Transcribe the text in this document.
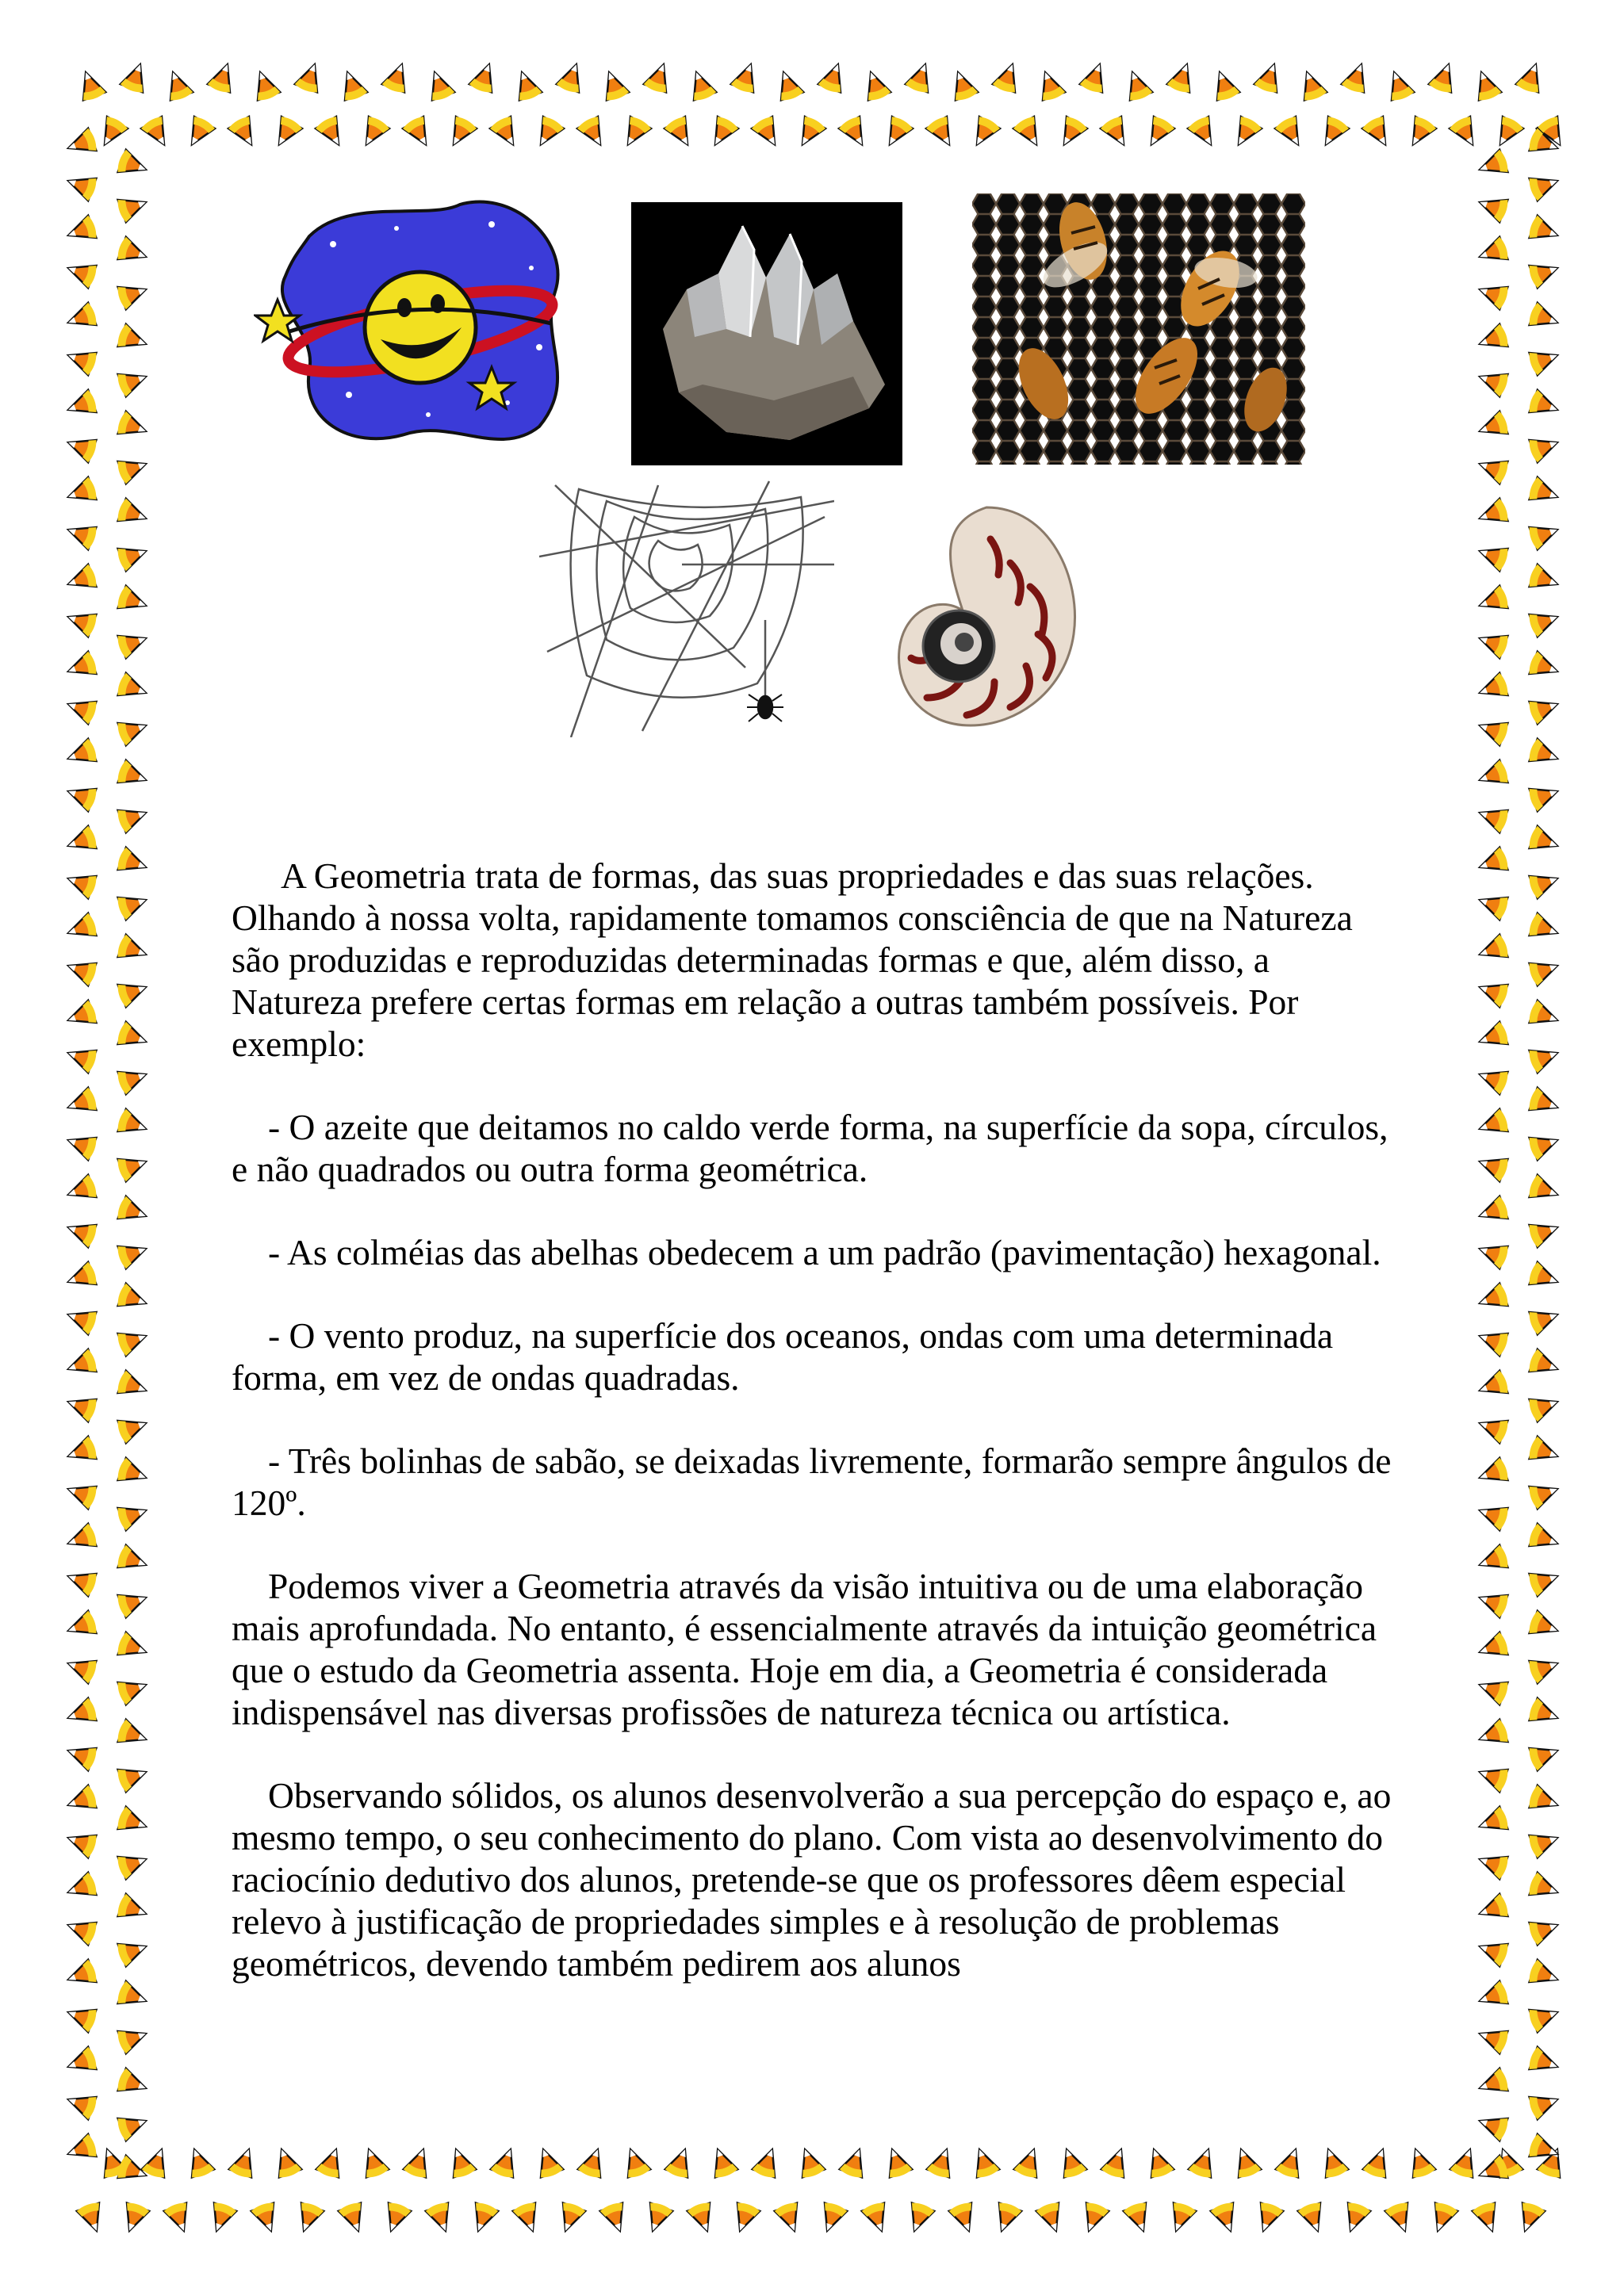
A Geometria trata de formas, das suas propriedades e das suas relações. Olhando à nossa volta, rapidamente tomamos consciência de que na Natureza são produzidas e reproduzidas determinadas formas e que, além disso, a Natureza prefere certas formas em relação a outras também possíveis. Por exemplo:

- O azeite que deitamos no caldo verde forma, na superfície da sopa, círculos, e não quadrados ou outra forma geométrica.

- As colméias das abelhas obedecem a um padrão (pavimentação) hexagonal.

- O vento produz, na superfície dos oceanos, ondas com uma determinada forma, em vez de ondas quadradas.

- Três bolinhas de sabão, se deixadas livremente, formarão sempre ângulos de 120º.

Podemos viver a Geometria através da visão intuitiva ou de uma elaboração mais aprofundada. No entanto, é essencialmente através da intuição geométrica que o estudo da Geometria assenta. Hoje em dia, a Geometria é considerada indispensável nas diversas profissões de natureza técnica ou artística.

Observando sólidos, os alunos desenvolverão a sua percepção do espaço e, ao mesmo tempo, o seu conhecimento do plano. Com vista ao desenvolvimento do raciocínio dedutivo dos alunos, pretende-se que os professores dêem especial relevo à justificação de propriedades simples e à resolução de problemas geométricos, devendo também pedirem aos alunos
